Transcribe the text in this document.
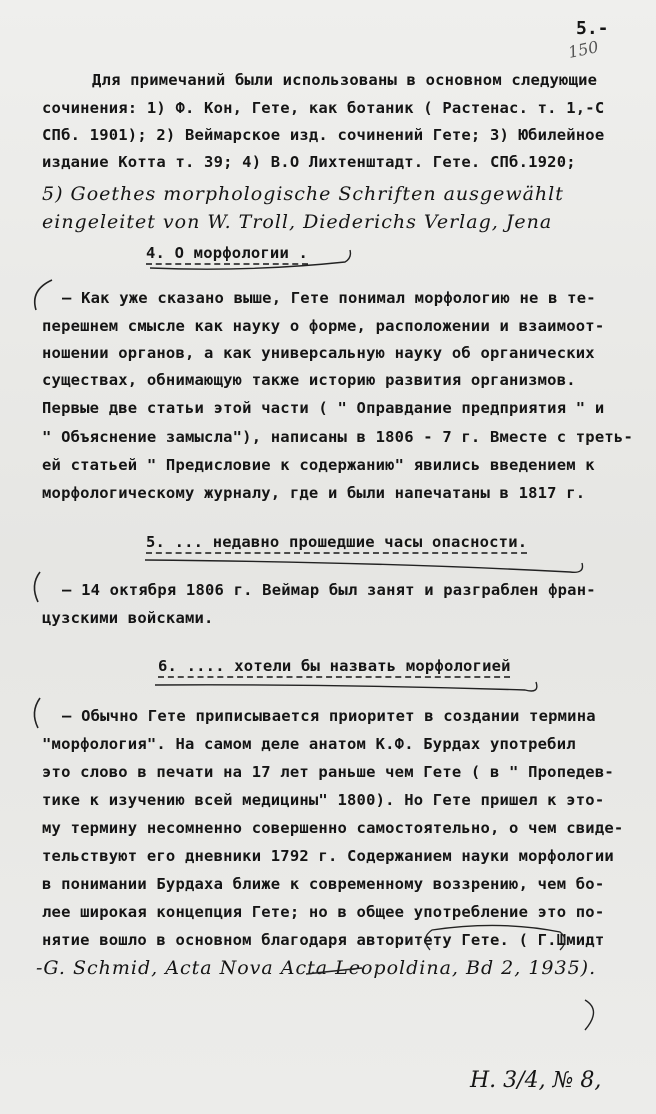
5.-
150
Для примечаний были использованы в основном следующие
сочинения: 1) Ф. Кон, Гете, как ботаник ( Растенас. т. 1,-С
СПб. 1901); 2) Веймарское изд. сочинений Гете; 3) Юбилейное
издание Котта т. 39; 4) В.О Лихтенштадт. Гете. СПб.1920;
5) Goethes morphologische Schriften ausgewählt
eingeleitet von W. Troll, Diederichs Verlag, Jena
4. О морфологии .
— Как уже сказано выше, Гете понимал морфологию не в те-
перешнем смысле как науку о форме, расположении и взаимоот-
ношении органов, а как универсальную науку об органических
существах, обнимающую также историю развития организмов.
Первые две статьи этой части ( " Оправдание предприятия " и
" Объяснение замысла"), написаны в 1806 - 7 г. Вместе с треть-
ей статьей " Предисловие к содержанию" явились введением к
морфологическому журналу, где и были напечатаны в 1817 г.
5. ... недавно прошедшие часы опасности.
— 14 октября 1806 г. Веймар был занят и разграблен фран-
цузскими войсками.
6. .... хотели бы назвать морфологией
— Обычно Гете приписывается приоритет в создании термина
"морфология". На самом деле анатом К.Ф. Бурдах употребил
это слово в печати на 17 лет раньше чем Гете ( в " Пропедев-
тике к изучению всей медицины" 1800). Но Гете пришел к это-
му термину несомненно совершенно самостоятельно, о чем свиде-
тельствуют его дневники 1792 г. Содержанием науки морфологии
в понимании Бурдаха ближе к современному воззрению, чем бо-
лее широкая концепция Гете; но в общее употребление это по-
нятие вошло в основном благодаря авторитету Гете. ( Г.Шмидт
-G. Schmid, Acta Nova Acta Leopoldina, Bd 2, 1935).
Н. 3/4, № 8,
